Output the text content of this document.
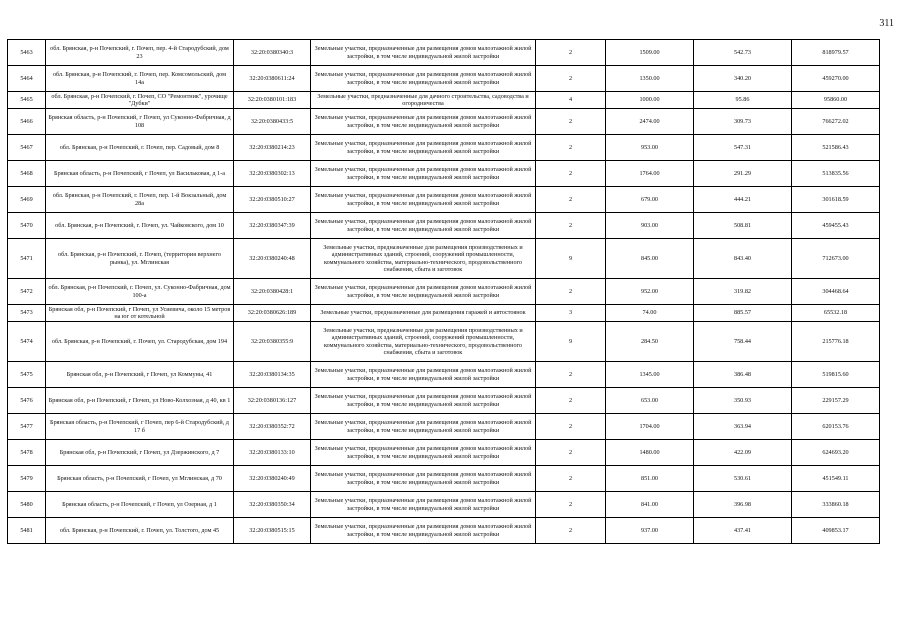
311
5463	обл. Брянская, р-н Почепский, г. Почеп, пер. 4-й Стародубский, дом 23	32:20:0380340:3	Земельные участки, предназначенные для размещения домов малоэтажной жилой застройки, в том числе индивидуальной жилой застройки	2	1509.00	542.73	818979.57
5464	обл. Брянская, р-н Почепский, г. Почеп, пер. Комсомольский, дом 14а	32:20:0380611:24	Земельные участки, предназначенные для размещения домов малоэтажной жилой застройки, в том числе индивидуальной жилой застройки	2	1350.00	340.20	459270.00
5465	обл. Брянская, р-н Почепский, г. Почеп, СО "Ремонтник", урочище "Дубки"	32:20:0380101:183	Земельные участки, предназначенные для дачного строительства, садоводства и огородничества	4	1000.00	95.86	95860.00
5466	Брянская область, р-н Почепский, г Почеп, ул Суконно-Фабричная, д 108	32:20:0380433:5	Земельные участки, предназначенные для размещения домов малоэтажной жилой застройки, в том числе индивидуальной жилой застройки	2	2474.00	309.73	766272.02
5467	обл. Брянская, р-н Почепский, г. Почеп, пер. Садовый, дом 8	32:20:0380214:23	Земельные участки, предназначенные для размещения домов малоэтажной жилой застройки, в том числе индивидуальной жилой застройки	2	953.00	547.31	521586.43
5468	Брянская область, р-н Почепский, г Почеп, ул Васильковая, д 1-а	32:20:0380302:13	Земельные участки, предназначенные для размещения домов малоэтажной жилой застройки, в том числе индивидуальной жилой застройки	2	1764.00	291.29	513835.56
5469	обл. Брянская, р-н Почепский, г. Почеп, пер. 1-й Вокзальный, дом 28а	32:20:0380510:27	Земельные участки, предназначенные для размещения домов малоэтажной жилой застройки, в том числе индивидуальной жилой застройки	2	679.00	444.21	301618.59
5470	обл. Брянская, р-н Почепский, г. Почеп, ул. Чайковского, дом 10	32:20:0380347:39	Земельные участки, предназначенные для размещения домов малоэтажной жилой застройки, в том числе индивидуальной жилой застройки	2	903.00	508.81	459455.43
5471	обл. Брянская, р-н Почепский, г. Почеп, (территория верхнего рынка), ул. Мглинская	32:20:0380240:48	Земельные участки, предназначенные для размещения производственных и административных зданий, строений, сооружений промышленности, коммунального хозяйства, материально-технического, продовольственного снабжения, сбыта и заготовок	9	845.00	843.40	712673.00
5472	обл. Брянская, р-н Почепский, г. Почеп, ул. Суконно-Фабричная, дом 100-а	32:20:0380428:1	Земельные участки, предназначенные для размещения домов малоэтажной жилой застройки, в том числе индивидуальной жилой застройки	2	952.00	319.82	304468.64
5473	Брянская обл, р-н Почепский, г Почеп, ул Усиевича, около 15 метров на юг от котельной	32:20:0380626:189	Земельные участки, предназначенные для размещения гаражей и автостоянок	3	74.00	885.57	65532.18
5474	обл. Брянская, р-н Почепский, г. Почеп, ул. Стародубская, дом 194	32:20:0380355:9	Земельные участки, предназначенные для размещения производственных и административных зданий, строений, сооружений промышленности, коммунального хозяйства, материально-технического, продовольственного снабжения, сбыта и заготовок	9	284.50	758.44	215776.18
5475	Брянская обл, р-н Почепский, г Почеп, ул Коммуны, 41	32:20:0380134:35	Земельные участки, предназначенные для размещения домов малоэтажной жилой застройки, в том числе индивидуальной жилой застройки	2	1345.00	386.48	519815.60
5476	Брянская обл, р-н Почепский, г Почеп, ул Ново-Колхозная, д 40, кв 1	32:20:0380136:127	Земельные участки, предназначенные для размещения домов малоэтажной жилой застройки, в том числе индивидуальной жилой застройки	2	653.00	350.93	229157.29
5477	Брянская область, р-н Почепский, г Почеп, пер 6-й Стародубский, д 17 б	32:20:0380352:72	Земельные участки, предназначенные для размещения домов малоэтажной жилой застройки, в том числе индивидуальной жилой застройки	2	1704.00	363.94	620153.76
5478	Брянская обл, р-н Почепский, г Почеп, ул Дзержинского, д 7	32:20:0380133:10	Земельные участки, предназначенные для размещения домов малоэтажной жилой застройки, в том числе индивидуальной жилой застройки	2	1480.00	422.09	624693.20
5479	Брянская область, р-н Почепский, г Почеп, ул Мглинская, д 70	32:20:0380240:49	Земельные участки, предназначенные для размещения домов малоэтажной жилой застройки, в том числе индивидуальной жилой застройки	2	851.00	530.61	451549.11
5480	Брянская область, р-н Почепский, г Почеп, ул Озерная, д 1	32:20:0380350:34	Земельные участки, предназначенные для размещения домов малоэтажной жилой застройки, в том числе индивидуальной жилой застройки	2	841.00	396.98	333860.18
5481	обл. Брянская, р-н Почепский, г. Почеп, ул. Толстого, дом 45	32:20:0380515:15	Земельные участки, предназначенные для размещения домов малоэтажной жилой застройки, в том числе индивидуальной жилой застройки	2	937.00	437.41	409853.17
